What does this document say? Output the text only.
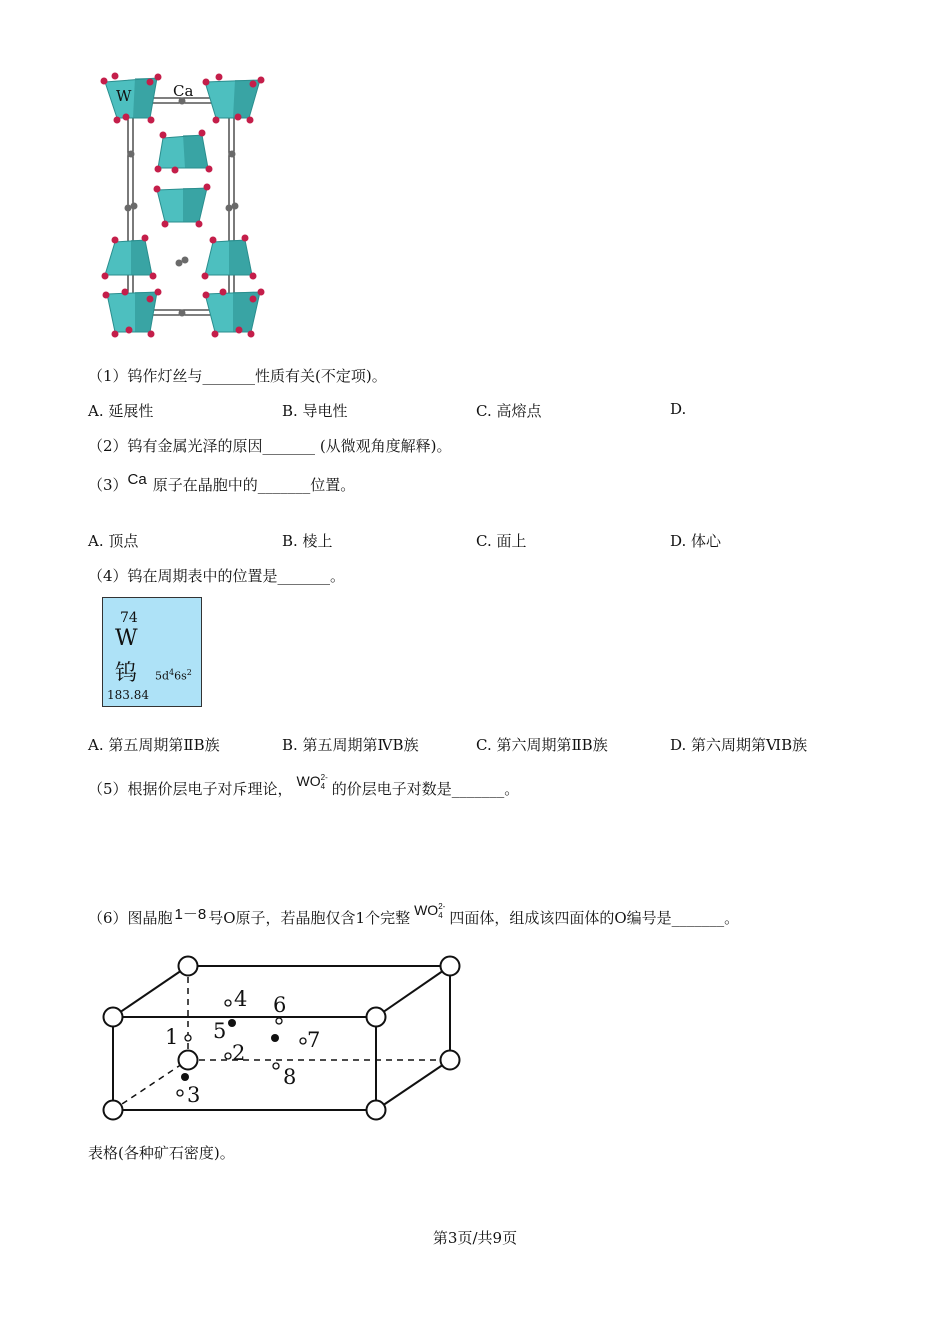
W	Ca
（1）钨作灯丝与_______性质有关(不定项)。
A. 延展性	B. 导电性	C. 高熔点	D.
（2）钨有金属光泽的原因_______ (从微观角度解释)。
（3）Ca 原子在晶胞中的_______位置。
A. 顶点	B. 棱上	C. 面上	D. 体心
（4）钨在周期表中的位置是_______。
74
W
钨 $5d^46s^2$
183.84
A. 第五周期第ⅡB族	B. 第五周期第ⅣB族	C. 第六周期第ⅡB族	D. 第六周期第ⅥB族
（5）根据价层电子对斥理论， WO 2-
4 的价层电子对数是_______。
（6）图晶胞 1－8 号O原子，若晶胞仅含1个完整 WO 2-
4 四面体，组成该四面体的O编号是_______。
1
2
3
4
5
6
7
8
表格(各种矿石密度)。
第3页/共9页
